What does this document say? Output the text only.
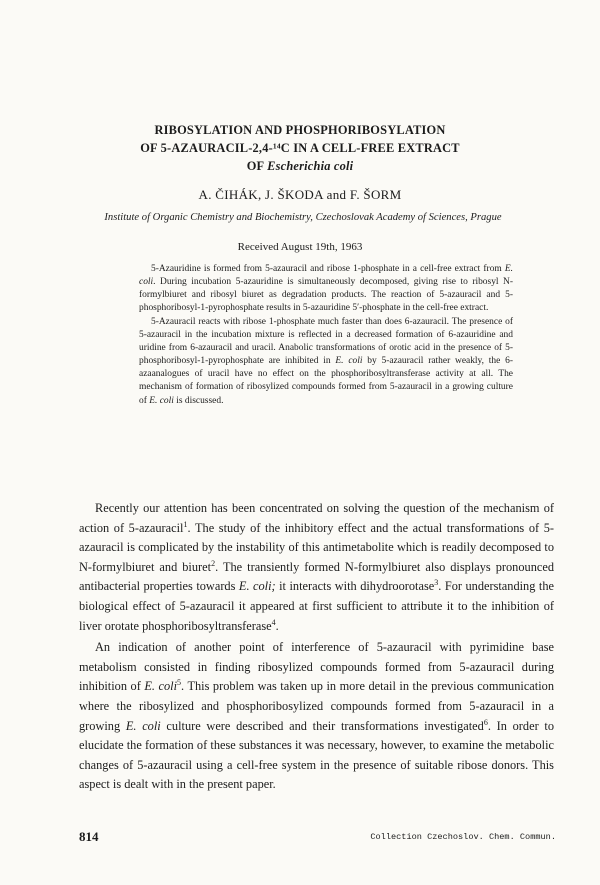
RIBOSYLATION AND PHOSPHORIBOSYLATION
OF 5-AZAURACIL-2,4-¹⁴C IN A CELL-FREE EXTRACT
OF Escherichia coli
A. ČIHÁK, J. ŠKODA and F. ŠORM
Institute of Organic Chemistry and Biochemistry, Czechoslovak Academy of Sciences, Prague
Received August 19th, 1963

5-Azauridine is formed from 5-azauracil and ribose 1-phosphate in a cell-free extract from E. coli. During incubation 5-azauridine is simultaneously decomposed, giving rise to ribosyl N-formylbiuret and ribosyl biuret as degradation products. The reaction of 5-azauracil and 5-phosphoribosyl-1-pyrophosphate results in 5-azauridine 5′-phosphate in the cell-free extract.

5-Azauracil reacts with ribose 1-phosphate much faster than does 6-azauracil. The presence of 5-azauracil in the incubation mixture is reflected in a decreased formation of 6-azauridine and uridine from 6-azauracil and uracil. Anabolic transformations of orotic acid in the presence of 5-phosphoribosyl-1-pyrophosphate are inhibited in E. coli by 5-azauracil rather weakly, the 6-azaanalogues of uracil have no effect on the phosphoribosyltransferase activity at all. The mechanism of formation of ribosylized compounds formed from 5-azauracil in a growing culture of E. coli is discussed.

Recently our attention has been concentrated on solving the question of the mechanism of action of 5-azauracil$^1$. The study of the inhibitory effect and the actual transformations of 5-azauracil is complicated by the instability of this antimetabolite which is readily decomposed to N-formylbiuret and biuret$^2$. The transiently formed N-formylbiuret also displays pronounced antibacterial properties towards E. coli; it interacts with dihydroorotase$^3$. For understanding the biological effect of 5-azauracil it appeared at first sufficient to attribute it to the inhibition of liver orotate phosphoribosyltransferase$^4$.

An indication of another point of interference of 5-azauracil with pyrimidine base metabolism consisted in finding ribosylized compounds formed from 5-azauracil during inhibition of E. coli$^5$. This problem was taken up in more detail in the previous communication where the ribosylized and phosphoribosylized compounds formed from 5-azauracil in a growing E. coli culture were described and their transformations investigated$^6$. In order to elucidate the formation of these substances it was necessary, however, to examine the metabolic changes of 5-azauracil using a cell-free system in the presence of suitable ribose donors. This aspect is dealt with in the present paper.

814	Collection Czechoslov. Chem. Commun.
